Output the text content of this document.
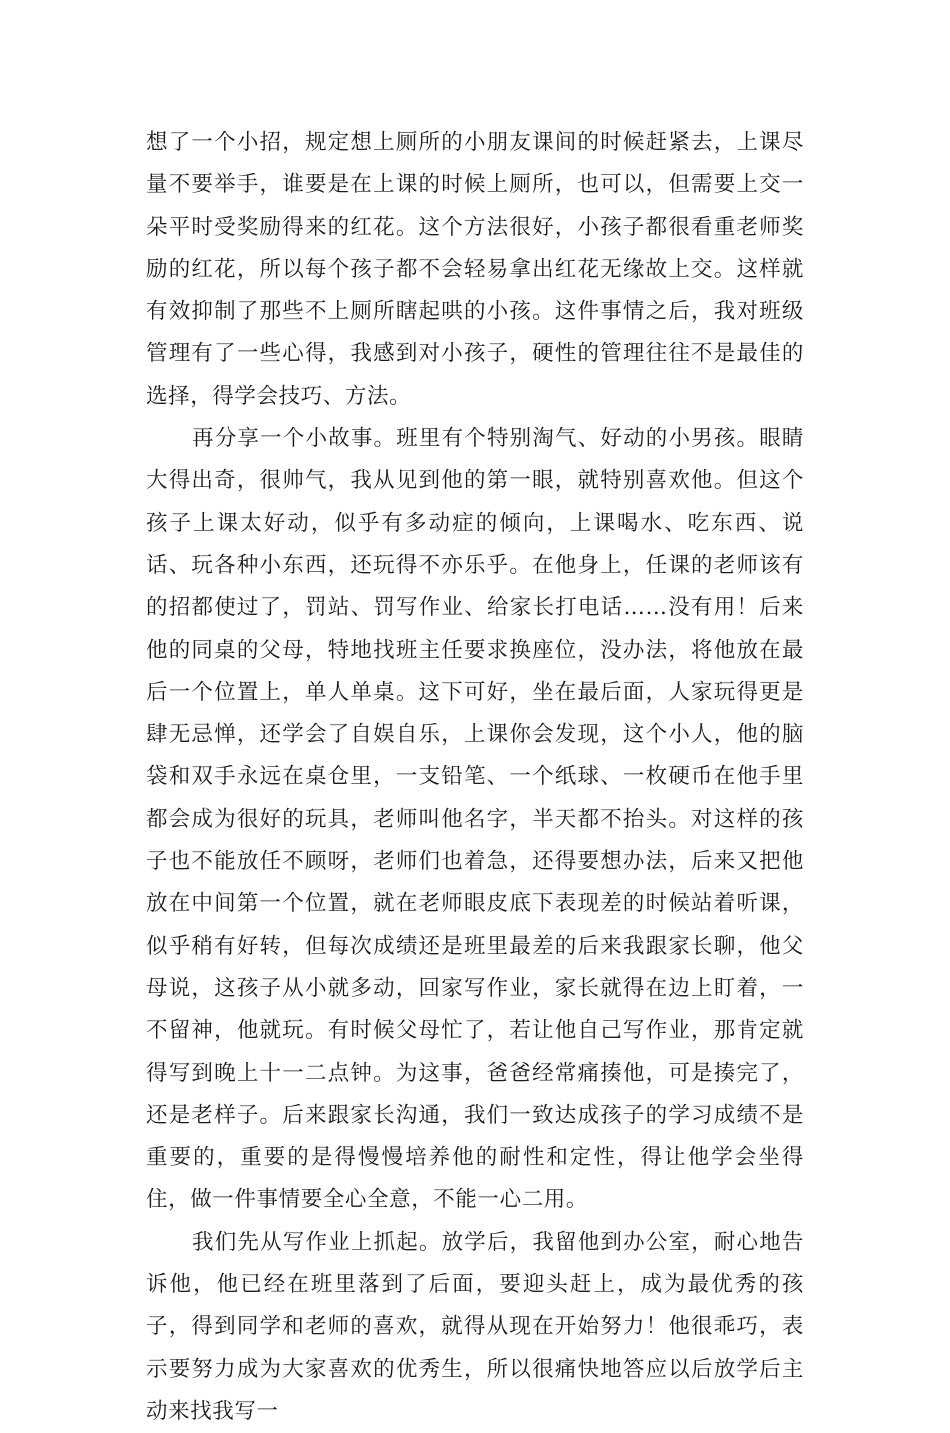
想了一个小招，规定想上厕所的小朋友课间的时候赶紧去，上课尽量不要举手，谁要是在上课的时候上厕所，也可以，但需要上交一朵平时受奖励得来的红花。这个方法很好，小孩子都很看重老师奖励的红花，所以每个孩子都不会轻易拿出红花无缘故上交。这样就有效抑制了那些不上厕所瞎起哄的小孩。这件事情之后，我对班级管理有了一些心得，我感到对小孩子，硬性的管理往往不是最佳的选择，得学会技巧、方法。

再分享一个小故事。班里有个特别淘气、好动的小男孩。眼睛大得出奇，很帅气，我从见到他的第一眼，就特别喜欢他。但这个孩子上课太好动，似乎有多动症的倾向，上课喝水、吃东西、说话、玩各种小东西，还玩得不亦乐乎。在他身上，任课的老师该有的招都使过了，罚站、罚写作业、给家长打电话……没有用！后来他的同桌的父母，特地找班主任要求换座位，没办法，将他放在最后一个位置上，单人单桌。这下可好，坐在最后面，人家玩得更是肆无忌惮，还学会了自娱自乐，上课你会发现，这个小人，他的脑袋和双手永远在桌仓里，一支铅笔、一个纸球、一枚硬币在他手里都会成为很好的玩具，老师叫他名字，半天都不抬头。对这样的孩子也不能放任不顾呀，老师们也着急，还得要想办法，后来又把他放在中间第一个位置，就在老师眼皮底下表现差的时候站着听课，似乎稍有好转，但每次成绩还是班里最差的后来我跟家长聊，他父母说，这孩子从小就多动，回家写作业，家长就得在边上盯着，一不留神，他就玩。有时候父母忙了，若让他自己写作业，那肯定就得写到晚上十一二点钟。为这事，爸爸经常痛揍他，可是揍完了，还是老样子。后来跟家长沟通，我们一致达成孩子的学习成绩不是重要的，重要的是得慢慢培养他的耐性和定性，得让他学会坐得住，做一件事情要全心全意，不能一心二用。

我们先从写作业上抓起。放学后，我留他到办公室，耐心地告诉他，他已经在班里落到了后面，要迎头赶上，成为最优秀的孩子，得到同学和老师的喜欢，就得从现在开始努力！他很乖巧，表示要努力成为大家喜欢的优秀生，所以很痛快地答应以后放学后主动来找我写一
